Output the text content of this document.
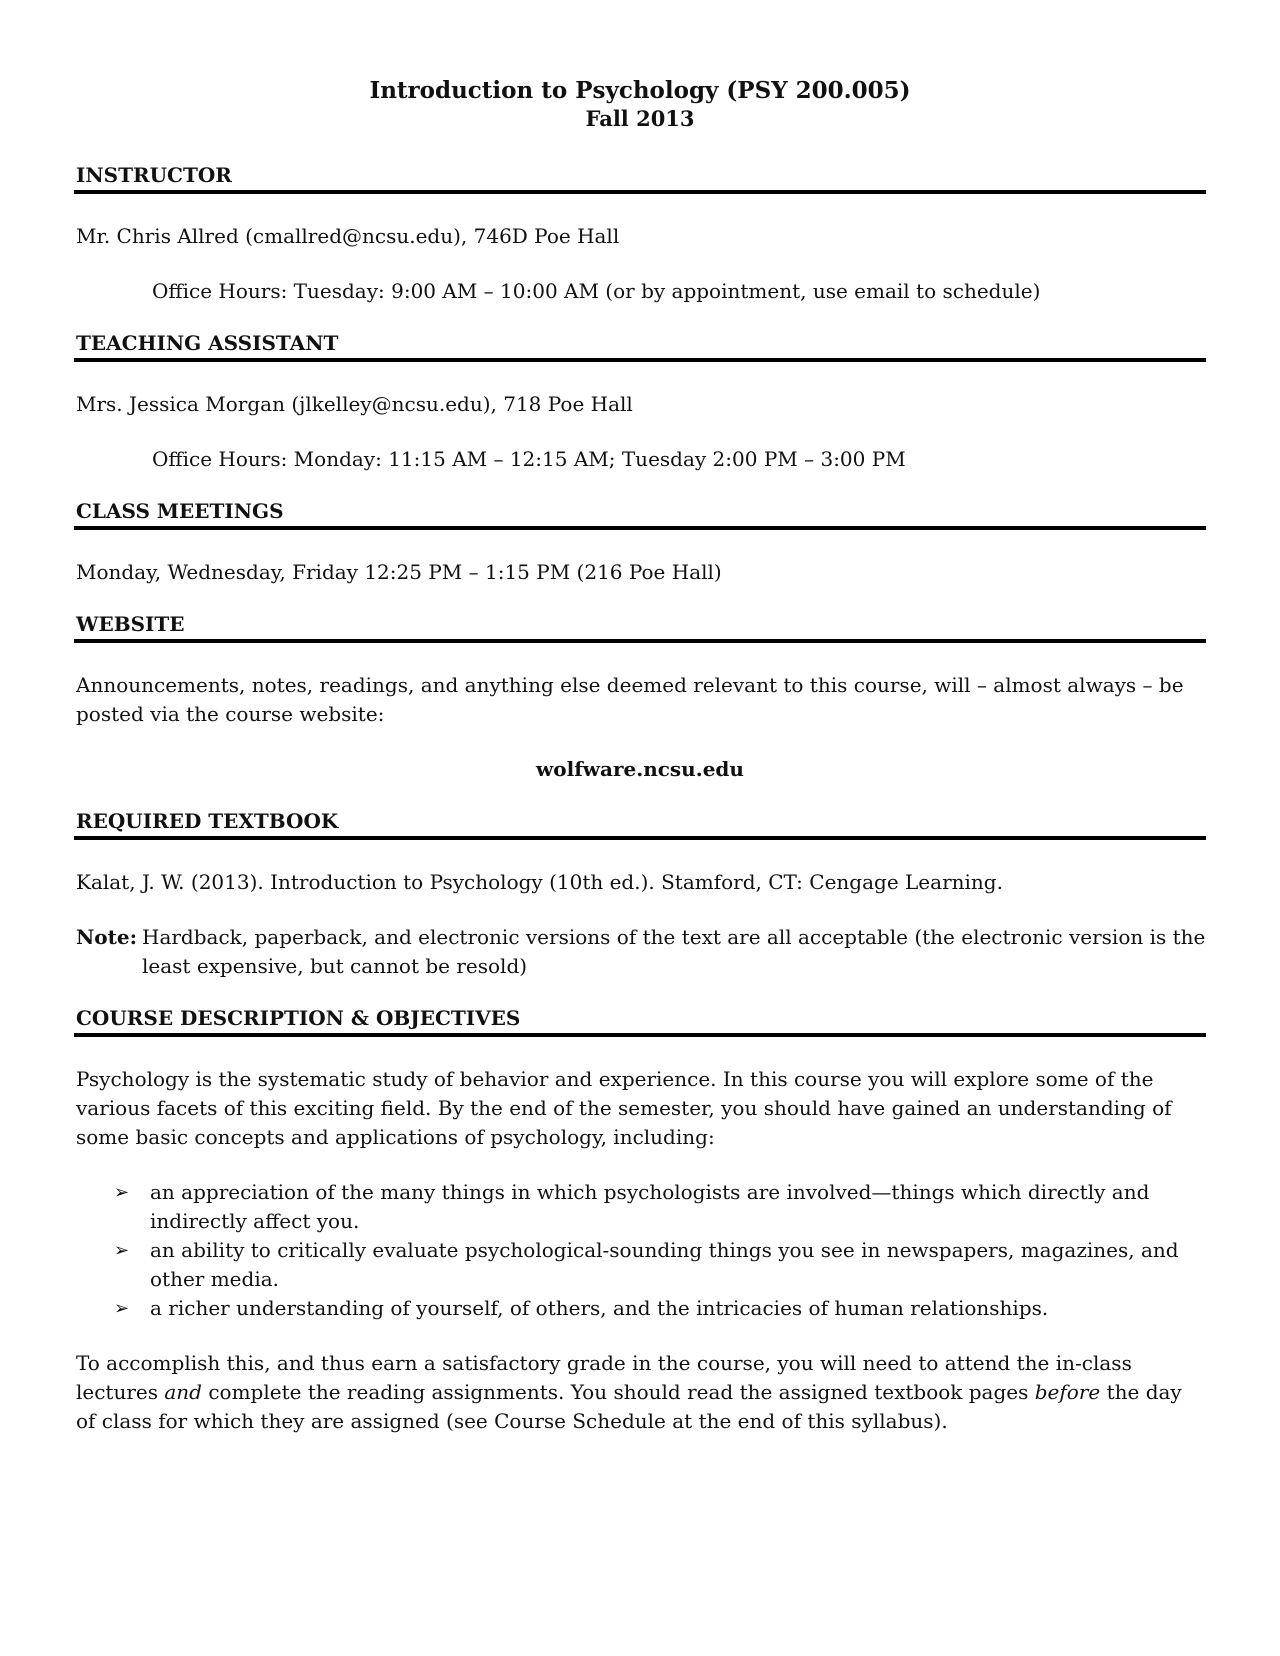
Introduction to Psychology (PSY 200.005)

Fall 2013

INSTRUCTOR

Mr. Chris Allred (cmallred@ncsu.edu), 746D Poe Hall

Office Hours: Tuesday: 9:00 AM – 10:00 AM (or by appointment, use email to schedule)

TEACHING ASSISTANT

Mrs. Jessica Morgan (jlkelley@ncsu.edu), 718 Poe Hall

Office Hours: Monday: 11:15 AM – 12:15 AM; Tuesday 2:00 PM – 3:00 PM

CLASS MEETINGS

Monday, Wednesday, Friday 12:25 PM – 1:15 PM (216 Poe Hall)

WEBSITE

Announcements, notes, readings, and anything else deemed relevant to this course, will – almost always – be posted via the course website:

wolfware.ncsu.edu

REQUIRED TEXTBOOK

Kalat, J. W. (2013). Introduction to Psychology (10th ed.). Stamford, CT: Cengage Learning.

Note: Hardback, paperback, and electronic versions of the text are all acceptable (the electronic version is the least expensive, but cannot be resold)

COURSE DESCRIPTION & OBJECTIVES

Psychology is the systematic study of behavior and experience. In this course you will explore some of the various facets of this exciting field. By the end of the semester, you should have gained an understanding of some basic concepts and applications of psychology, including:

➢	an appreciation of the many things in which psychologists are involved—things which directly and indirectly affect you.
➢	an ability to critically evaluate psychological-sounding things you see in newspapers, magazines, and other media.
➢	a richer understanding of yourself, of others, and the intricacies of human relationships.

To accomplish this, and thus earn a satisfactory grade in the course, you will need to attend the in-class lectures and complete the reading assignments. You should read the assigned textbook pages before the day of class for which they are assigned (see Course Schedule at the end of this syllabus).
